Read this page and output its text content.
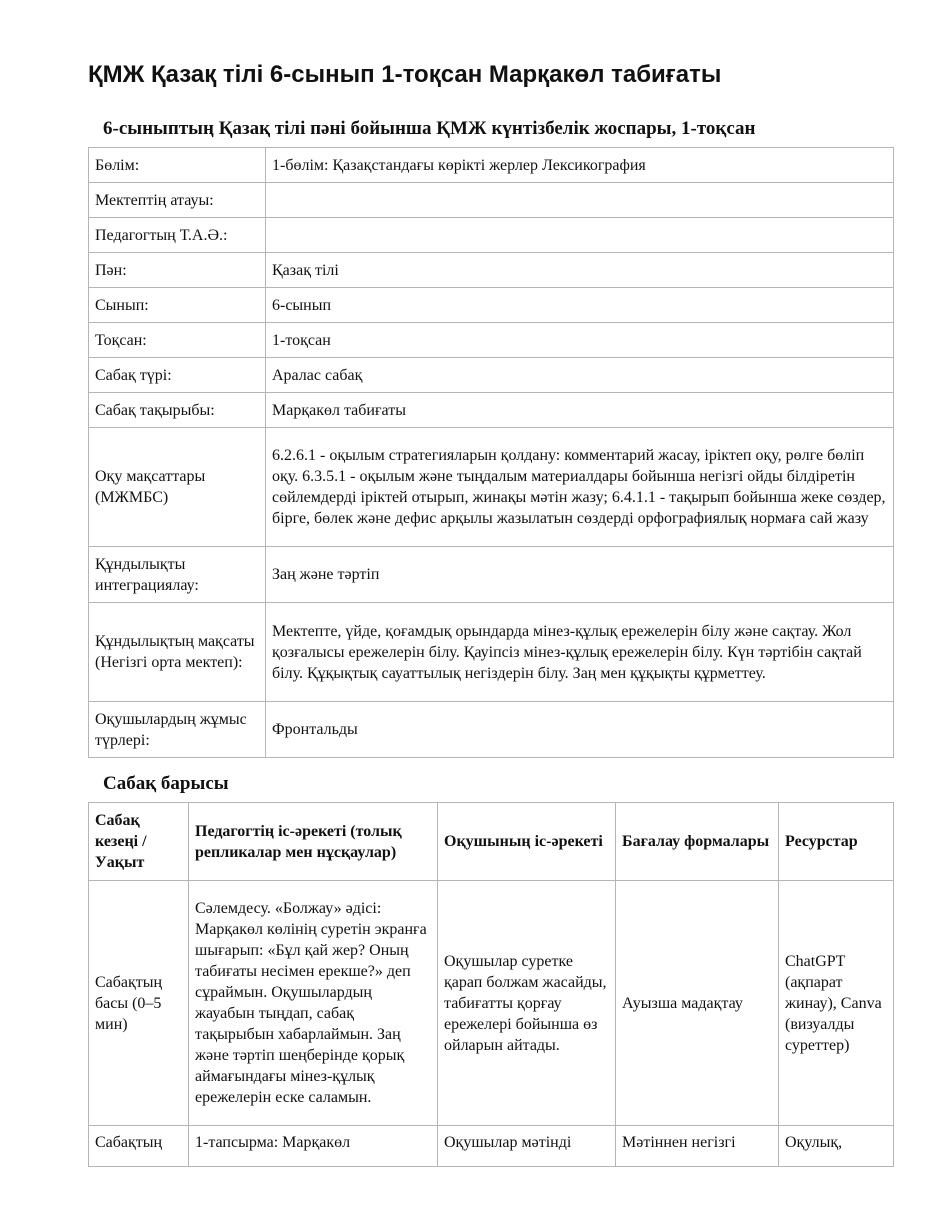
ҚМЖ Қазақ тілі 6-сынып 1-тоқсан Марқакөл табиғаты
6-сыныптың Қазақ тілі пәні бойынша ҚМЖ күнтізбелік жоспары, 1-тоқсан
Бөлім:	1-бөлім: Қазақстандағы көрікті жерлер Лексикография
Мектептің атауы:	
Педагогтың Т.А.Ә.:	
Пән:	Қазақ тілі
Сынып:	6-сынып
Тоқсан:	1-тоқсан
Сабақ түрі:	Аралас сабақ
Сабақ тақырыбы:	Марқакөл табиғаты
Оқу мақсаттары (МЖМБС)	6.2.6.1 - оқылым стратегияларын қолдану: комментарий жасау, іріктеп оқу, рөлге бөліп оқу. 6.3.5.1 - оқылым және тыңдалым материалдары бойынша негізгі ойды білдіретін сөйлемдерді іріктей отырып, жинақы мәтін жазу; 6.4.1.1 - тақырып бойынша жеке сөздер, бірге, бөлек және дефис арқылы жазылатын сөздерді орфографиялық нормаға сай жазу
Құндылықты интеграциялау:	Заң және тәртіп
Құндылықтың мақсаты (Негізгі орта мектеп):	Мектепте, үйде, қоғамдық орындарда мінез-құлық ережелерін білу және сақтау. Жол қозғалысы ережелерін білу. Қауіпсіз мінез-құлық ережелерін білу. Күн тәртібін сақтай білу. Құқықтық сауаттылық негіздерін білу. Заң мен құқықты құрметтеу.
Оқушылардың жұмыс түрлері:	Фронтальды
Сабақ барысы
Сабақ кезеңі / Уақыт	Педагогтің іс-әрекеті (толық репликалар мен нұсқаулар)	Оқушының іс-әрекеті	Бағалау формалары	Ресурстар
Сабақтың басы (0–5 мин)	Сәлемдесу. «Болжау» әдісі: Марқакөл көлінің суретін экранға шығарып: «Бұл қай жер? Оның табиғаты несімен ерекше?» деп сұраймын. Оқушылардың жауабын тыңдап, сабақ тақырыбын хабарлаймын. Заң және тәртіп шеңберінде қорық аймағындағы мінез-құлық ережелерін еске саламын.	Оқушылар суретке қарап болжам жасайды, табиғатты қорғау ережелері бойынша өз ойларын айтады.	Ауызша мадақтау	ChatGPT (ақпарат жинау), Canva (визуалды суреттер)
Сабақтың	1-тапсырма: Марқакөл	Оқушылар мәтінді	Мәтіннен негізгі	Оқулық,
